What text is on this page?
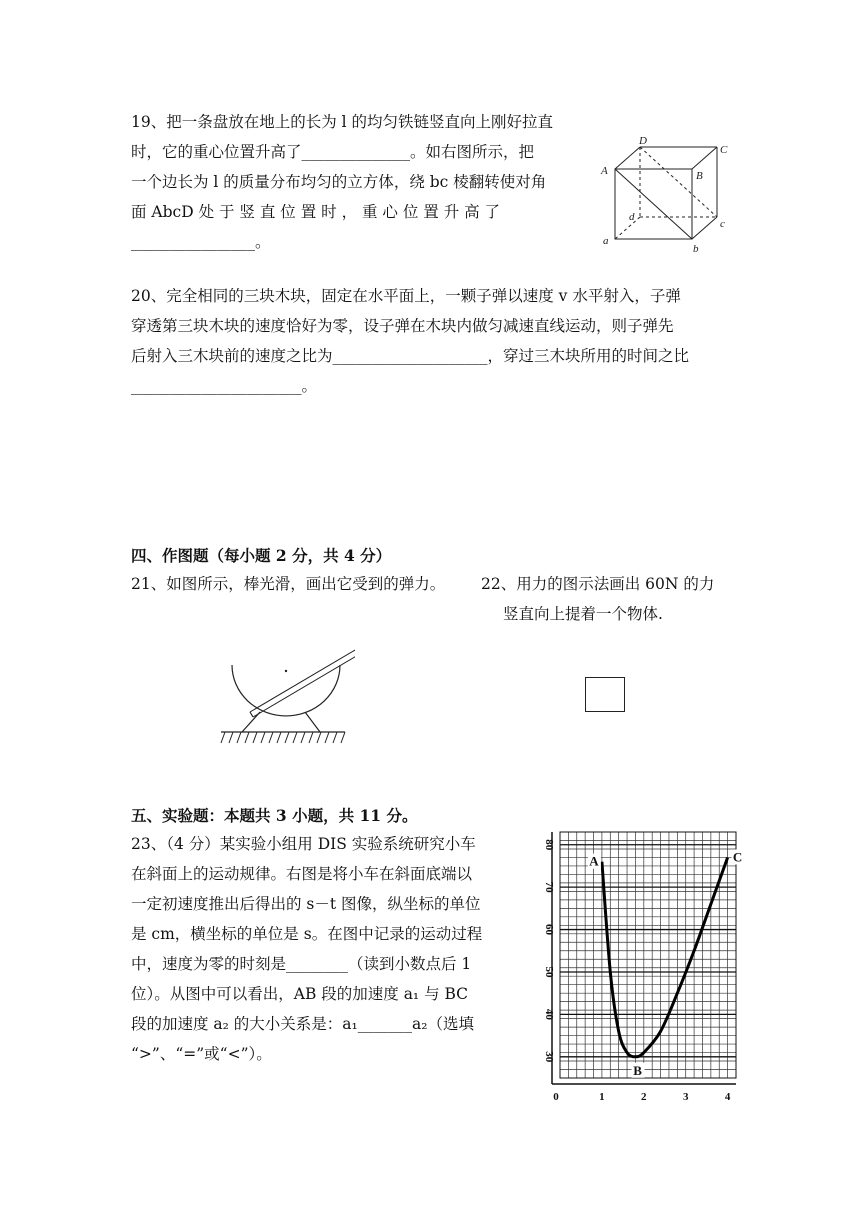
19、把一条盘放在地上的长为 l 的均匀铁链竖直向上刚好拉直
时，它的重心位置升高了______________。如右图所示，把
一个边长为 l 的质量分布均匀的立方体，绕 bc 棱翻转使对角
面 AbcD 处 于 竖 直 位 置 时 ， 重 心 位 置 升 高 了
________________。
D
C
A	B
d
c
a
b
20、完全相同的三块木块，固定在水平面上，一颗子弹以速度 v 水平射入，子弹
穿透第三块木块的速度恰好为零，设子弹在木块内做匀减速直线运动，则子弹先
后射入三木块前的速度之比为____________________，穿过三木块所用的时间之比
______________________。
四、作图题（每小题 2 分，共 4 分）
21、如图所示，棒光滑，画出它受到的弹力。 22、用力的图示法画出 60N 的力
竖直向上提着一个物体.
五、实验题：本题共 3 小题，共 11 分。
23、（4 分）某实验小组用 DIS 实验系统研究小车
在斜面上的运动规律。右图是将小车在斜面底端以
一定初速度推出后得出的 s－t 图像，纵坐标的单位
是 cm，横坐标的单位是 s。在图中记录的运动过程
中，速度为零的时刻是________（读到小数点后 1
位）。从图中可以看出，AB 段的加速度 a₁ 与 BC
段的加速度 a₂ 的大小关系是：a₁_______a₂（选填
“>”、“=”或“<”）。
0	1	2	3	4
30
40
50
60
70
80
A
B
C
